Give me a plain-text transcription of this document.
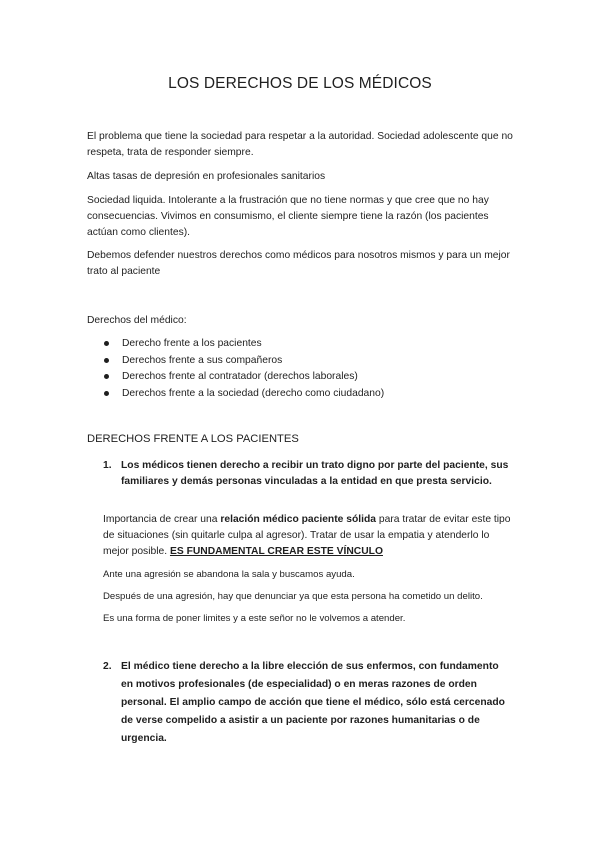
LOS DERECHOS DE LOS MÉDICOS
El problema que tiene la sociedad para respetar a la autoridad. Sociedad adolescente que no respeta, trata de responder siempre.
Altas tasas de depresión en profesionales sanitarios
Sociedad liquida. Intolerante a la frustración que no tiene normas y que cree que no hay consecuencias. Vivimos en consumismo, el cliente siempre tiene la razón (los pacientes actúan como clientes).
Debemos defender nuestros derechos como médicos para nosotros mismos y para un mejor trato al paciente
Derechos del médico:
Derecho frente a los pacientes
Derechos frente a sus compañeros
Derechos frente al contratador (derechos laborales)
Derechos frente a la sociedad (derecho como ciudadano)
DERECHOS FRENTE A LOS PACIENTES
1. Los médicos tienen derecho a recibir un trato digno por parte del paciente, sus familiares y demás personas vinculadas a la entidad en que presta servicio.
Importancia de crear una relación médico paciente sólida para tratar de evitar este tipo de situaciones (sin quitarle culpa al agresor). Tratar de usar la empatia y atenderlo lo mejor posible. ES FUNDAMENTAL CREAR ESTE VÍNCULO
Ante una agresión se abandona la sala y buscamos ayuda.
Después de una agresión, hay que denunciar ya que esta persona ha cometido un delito.
Es una forma de poner limites y a este señor no le volvemos a atender.
2. El médico tiene derecho a la libre elección de sus enfermos, con fundamento en motivos profesionales (de especialidad) o en meras razones de orden personal. El amplio campo de acción que tiene el médico, sólo está cercenado de verse compelido a asistir a un paciente por razones humanitarias o de urgencia.
